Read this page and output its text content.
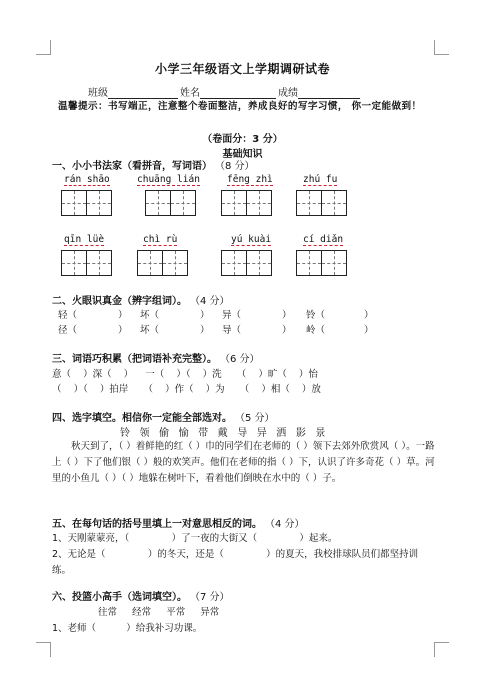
小学三年级语文上学期调研试卷
班级	姓名	成绩
温馨提示：书写端正，注意整个卷面整洁，养成良好的写字习惯， 你一定能做到！
（卷面分：3 分）
基础知识
一、小小书法家（看拼音，写词语） （8 分）
rán shāo	chuāng lián	fēng zhì	zhú fu
qīn lüè	chì rù	yú kuài	cí diǎn
二、火眼识真金（辨字组词）。 （4 分）
轻（	）	坏（	）	异（	）	铃（	）
径（	）	坏（	）	导（	）	岭（	）
三、词语巧积累（把词语补充完整）。 （6 分）
意（    ）深（    ）    一（    ）（    ）洗     （    ）旷（    ）怡
（    ）（    ）拍岸     （    ）作（    ）为     （    ）相（    ）放
四、选字填空。相信你一定能全部选对。 （5 分）
铃   领   偷   愉   带   戴   导   异   洒   影   景
秋天到了，（ ）着鲜艳的红（ ）巾的同学们在老师的（ ）领下去郊外欣赏风（ ）。一路上（ ）下了他们银（ ）般的欢笑声。他们在老师的指（ ）下，认识了许多奇花（ ）草。河里的小鱼儿（ ）（ ）地躲在树叶下，看着他们倒映在水中的（ ）子。
五、在每句话的括号里填上一对意思相反的词。 （4 分）
1、天刚蒙蒙亮，（              ）了一夜的大街又（              ）起来。
2、无论是（              ）的冬天，还是（              ）的夏天，我校排球队员们都坚持训练。
六、投篮小高手（选词填空）。 （7 分）
往常     经常     平常     异常
1、老师（          ）给我补习功课。
